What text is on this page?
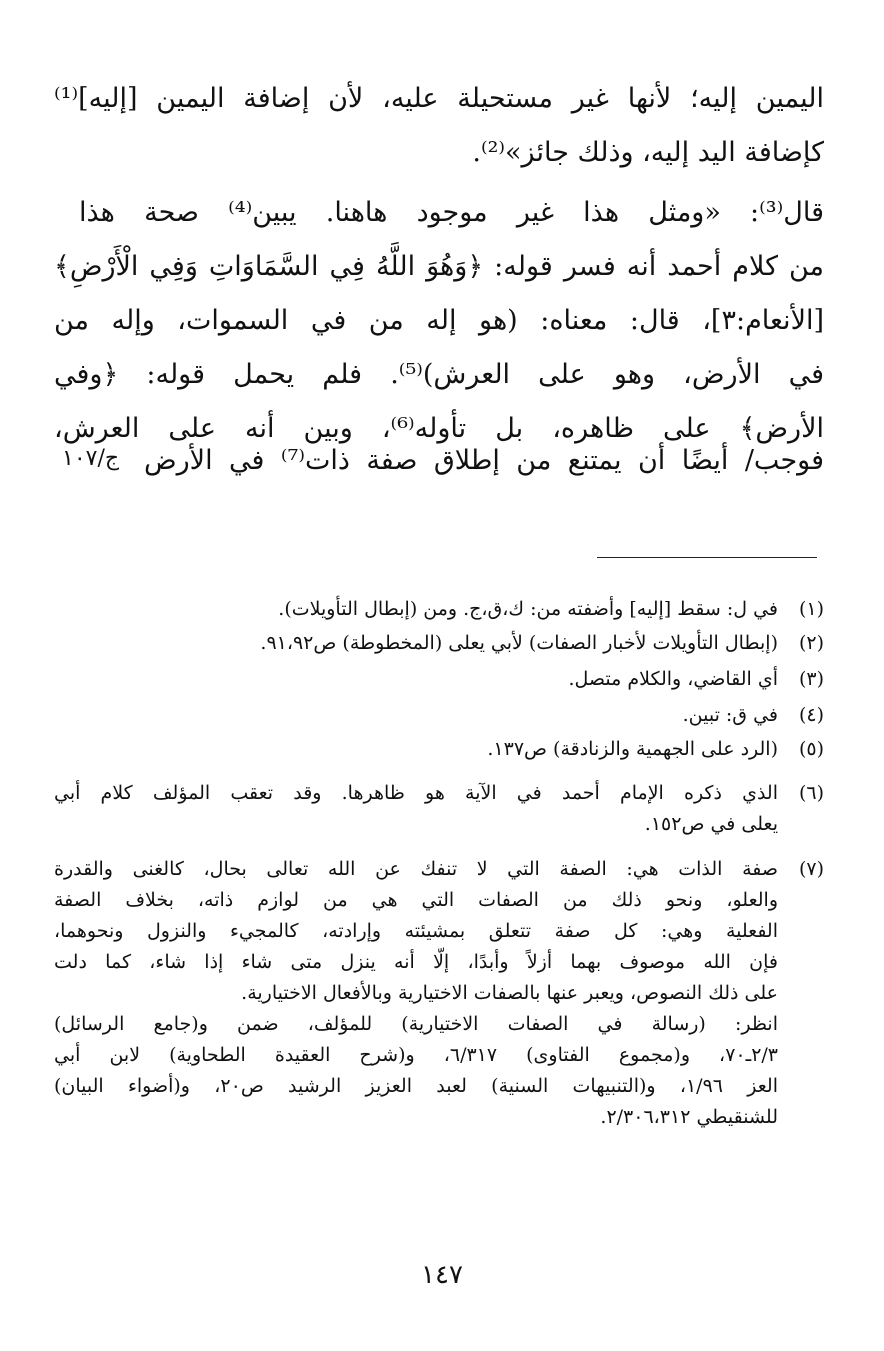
اليمين إليه؛ لأنها غير مستحيلة عليه، لأن إضافة اليمين [إليه]⁽¹⁾
كإضافة اليد إليه، وذلك جائز»⁽²⁾.
قال⁽³⁾: «ومثل هذا غير موجود هاهنا. يبين⁽⁴⁾ صحة هذا
من كلام أحمد أنه فسر قوله: ﴿وَهُوَ اللَّهُ فِي السَّمَاوَاتِ وَفِي الْأَرْضِ﴾
[الأنعام:٣]، قال: معناه: (هو إله من في السموات، وإله من
في الأرض، وهو على العرش)⁽⁵⁾. فلم يحمل قوله: ﴿وفي
الأرض﴾ على ظاهره، بل تأوله⁽⁶⁾، وبين أنه على العرش،
فوجب/ أيضًا أن يمتنع من إطلاق صفة ذات⁽⁷⁾ في الأرض
ج/١٠٧
(١)
في ل: سقط [إليه] وأضفته من: ك،ق،ج. ومن (إبطال التأويلات).
(٢)
(إبطال التأويلات لأخبار الصفات) لأبي يعلى (المخطوطة) ص٩١،٩٢.
(٣)
أي القاضي، والكلام متصل.
(٤)
في ق: تبين.
(٥)
(الرد على الجهمية والزنادقة) ص١٣٧.
(٦)
الذي ذكره الإمام أحمد في الآية هو ظاهرها. وقد تعقب المؤلف كلام أبي
يعلى في ص١٥٢.
(٧)
صفة الذات هي: الصفة التي لا تنفك عن الله تعالى بحال، كالغنى والقدرة
والعلو، ونحو ذلك من الصفات التي هي من لوازم ذاته، بخلاف الصفة
الفعلية وهي: كل صفة تتعلق بمشيئته وإرادته، كالمجيء والنزول ونحوهما،
فإن الله موصوف بهما أزلاً وأبدًا، إلَّا أنه ينزل متى شاء إذا شاء، كما دلت
على ذلك النصوص، ويعبر عنها بالصفات الاختيارية وبالأفعال الاختيارية.
انظر: (رسالة في الصفات الاختيارية) للمؤلف، ضمن و(جامع الرسائل)
٢/٣ـ٧٠، و(مجموع الفتاوى) ٦/٣١٧، و(شرح العقيدة الطحاوية) لابن أبي
العز ١/٩٦، و(التنبيهات السنية) لعبد العزيز الرشيد ص٢٠، و(أضواء البيان)
للشنقيطي ٢/٣٠٦،٣١٢.
١٤٧
